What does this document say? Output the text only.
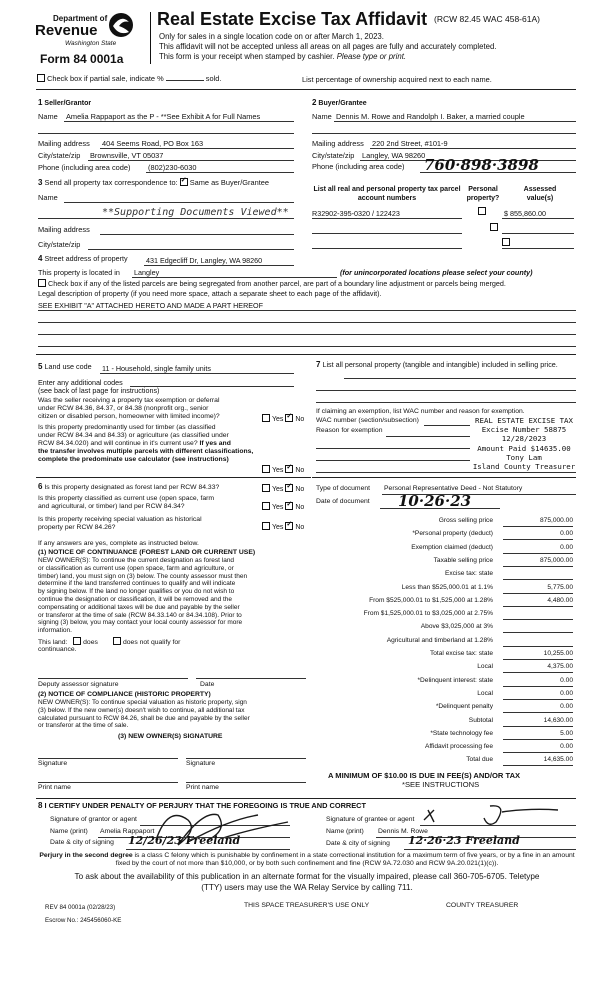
Department of
Revenue
Washington State
Form 84 0001a
Real Estate Excise Tax Affidavit (RCW 82.45 WAC 458-61A)
Only for sales in a single location code on or after March 1, 2023.
This affidavit will not be accepted unless all areas on all pages are fully and accurately completed.
This form is your receipt when stamped by cashier. Please type or print.
Check box if partial sale, indicate %	sold.	List percentage of ownership acquired next to each name.
1 Seller/Grantor
Name Amelia Rappaport as the P - **See Exhibit A for Full Names
Mailing address 404 Seems Road, PO Box 163
City/state/zip Brownsville, VT 05037
Phone (including area code) (802)230-6030
2 Buyer/Grantee
Name Dennis M. Rowe and Randolph I. Baker, a married couple
Mailing address 220 2nd Street, #101-9
City/state/zip Langley, WA 98260
Phone (including area code) 760·898·3898
3 Send all property tax correspondence to: ✓ Same as Buyer/Grantee
Name
**Supporting Documents Viewed**
Mailing address
City/state/zip
List all real and personal property tax parcel account numbers
Personal property?
Assessed value(s)
R32902-395-0320 / 122423	$ 855,860.00

4 Street address of property	431 Edgecliff Dr, Langley, WA 98260
This property is located in Langley	(for unincorporated locations please select your county)
Check box if any of the listed parcels are being segregated from another parcel, are part of a boundary line adjustment or parcels being merged.
Legal description of property (if you need more space, attach a separate sheet to each page of the affidavit).
SEE EXHIBIT "A" ATTACHED HERETO AND MADE A PART HEREOF
5 Land use code 11 - Household, single family units
Enter any additional codes
(see back of last page for instructions)
Was the seller receiving a property tax exemption or deferral
under RCW 84.36, 84.37, or 84.38 (nonprofit org., senior
citizen or disabled person, homeowner with limited income)?	Yes ✓ No
Is this property predominantly used for timber (as classified
under RCW 84.34 and 84.33) or agriculture (as classified under
RCW 84.34.020) and will continue in it's current use? If yes and
the transfer involves multiple parcels with different classifications,
complete the predominate use calculator (see instructions)
Yes ✓ No
7 List all personal property (tangible and intangible) included in selling price.
If claiming an exemption, list WAC number and reason for exemption.
WAC number (section/subsection)
Reason for exemption
REAL ESTATE EXCISE TAX
Excise Number 58875
12/28/2023
Amount Paid $14635.00
Tony Lam
Island County Treasurer
6 Is this property designated as forest land per RCW 84.33?	Yes ✓ No
Is this property classified as current use (open space, farm
and agricultural, or timber) land per RCW 84.34?	Yes ✓ No
Is this property receiving special valuation as historical
property per RCW 84.26?	Yes ✓ No
If any answers are yes, complete as instructed below.
(1) NOTICE OF CONTINUANCE (FOREST LAND OR CURRENT USE)
NEW OWNER(S): To continue the current designation as forest land
or classification as current use (open space, farm and agriculture, or
timber) land, you must sign on (3) below. The county assessor must then
determine if the land transferred continues to qualify and will indicate
by signing below. If the land no longer qualifies or you do not wish to
continue the designation or classification, it will be removed and the
compensating or additional taxes will be due and payable by the seller
or transferor at the time of sale (RCW 84.33.140 or 84.34.108). Prior to
signing (3) below, you may contact your local county assessor for more
information.
This land: does	does not qualify for
continuance.
Deputy assessor signature	Date
(2) NOTICE OF COMPLIANCE (HISTORIC PROPERTY)
NEW OWNER(S): To continue special valuation as historic property, sign
(3) below. If the new owner(s) doesn't wish to continue, all additional tax
calculated pursuant to RCW 84.26, shall be due and payable by the seller
or transferor at the time of sale.
(3) NEW OWNER(S) SIGNATURE
Signature	Signature
Print name	Print name
Type of document Personal Representative Deed - Not Statutory
Date of document 10·26·23
Gross selling price	875,000.00
*Personal property (deduct)	0.00
Exemption claimed (deduct)	0.00
Taxable selling price	875,000.00
Excise tax: state
Less than $525,000.01 at 1.1%	5,775.00
From $525,000.01 to $1,525,000 at 1.28%	4,480.00
From $1,525,000.01 to $3,025,000 at 2.75%
Above $3,025,000 at 3%
Agricultural and timberland at 1.28%
Total excise tax: state	10,255.00
Local	4,375.00
*Delinquent interest: state	0.00
Local	0.00
*Delinquent penalty	0.00
Subtotal	14,630.00
*State technology fee	5.00
Affidavit processing fee	0.00
Total due	14,635.00
A MINIMUM OF $10.00 IS DUE IN FEE(S) AND/OR TAX
*SEE INSTRUCTIONS
8 I CERTIFY UNDER PENALTY OF PERJURY THAT THE FOREGOING IS TRUE AND CORRECT
Signature of grantor or agent
Name (print) Amelia Rappaport
Date & city of signing 12/26/23 Freeland
Signature of grantee or agent
Name (print) Dennis M. Rowe
Date & city of signing 12·26·23 Freeland
Perjury in the second degree is a class C felony which is punishable by confinement in a state correctional institution for a maximum term of five years, or by a fine in an amount fixed by the court of not more than $10,000, or by both such confinement and fine (RCW 9A.72.030 and RCW 9A.20.021(1)(c)).
To ask about the availability of this publication in an alternate format for the visually impaired, please call 360-705-6705. Teletype
(TTY) users may use the WA Relay Service by calling 711.
REV 84 0001a (02/28/23)	THIS SPACE TREASURER'S USE ONLY	COUNTY TREASURER
Escrow No.: 245456060-KE
